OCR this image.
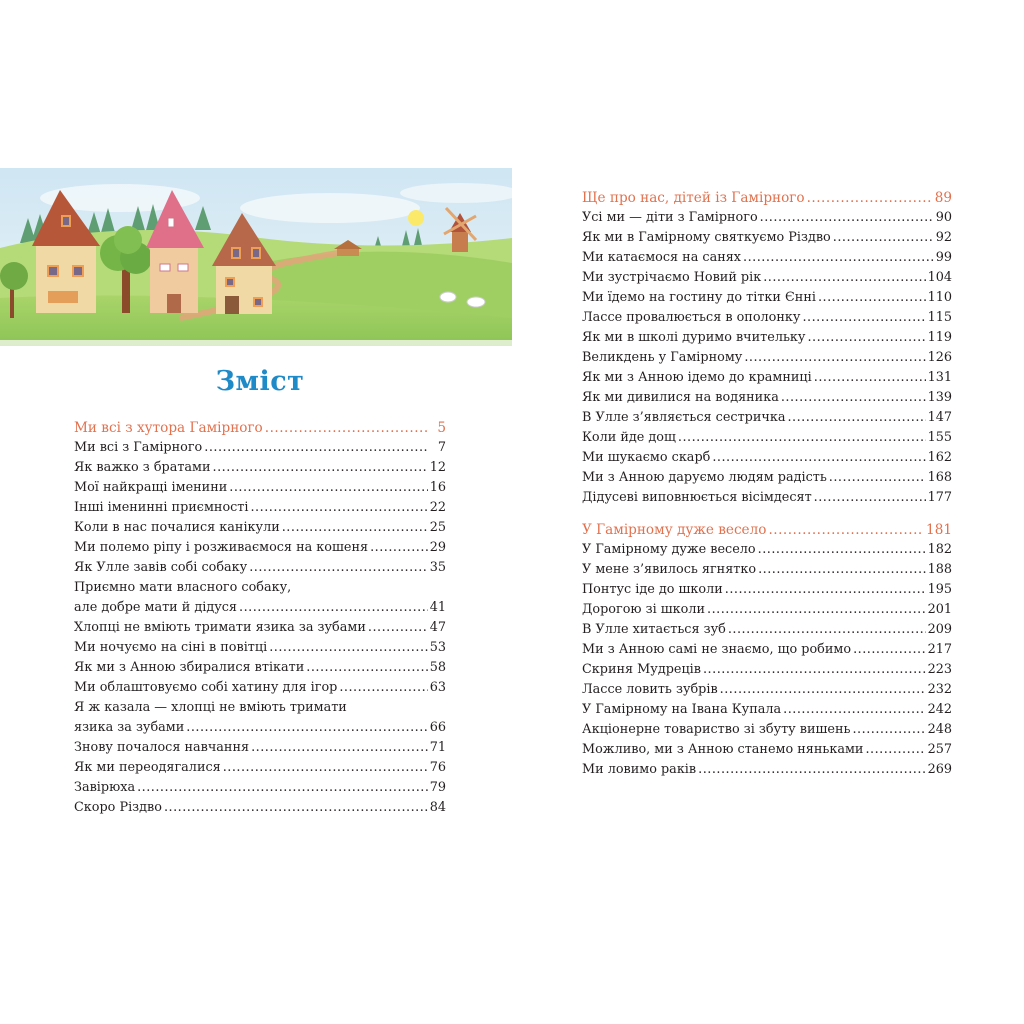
Зміст
Ми всі з хутора Гамірного .....	5
Ми всі з Гамірного .....	7
Як важко з братами .....	12
Мої найкращі іменини .....	16
Інші іменинні приємності .....	22
Коли в нас почалися канікули .....	25
Ми полемо ріпу і розживаємося на кошеня .....	29
Як Улле завів собі собаку .....	35
Приємно мати власного собаку,
але добре мати й дідуся .....	41
Хлопці не вміють тримати язика за зубами .....	47
Ми ночуємо на сіні в повітці .....	53
Як ми з Анною збиралися втікати .....	58
Ми облаштовуємо собі хатину для ігор .....	63
Я ж казала — хлопці не вміють тримати
язика за зубами .....	66
Знову почалося навчання .....	71
Як ми переодягалися .....	76
Завірюха .....	79
Скоро Різдво .....	84
Ще про нас, дітей із Гамірного .....	89
Усі ми — діти з Гамірного .....	90
Як ми в Гамірному святкуємо Різдво .....	92
Ми катаємося на санях .....	99
Ми зустрічаємо Новий рік .....	104
Ми їдемо на гостину до тітки Єнні .....	110
Лассе провалюється в ополонку .....	115
Як ми в школі дуримо вчительку .....	119
Великдень у Гамірному .....	126
Як ми з Анною ідемо до крамниці .....	131
Як ми дивилися на водяника .....	139
В Улле з’являється сестричка .....	147
Коли йде дощ .....	155
Ми шукаємо скарб .....	162
Ми з Анною даруємо людям радість .....	168
Дідусеві виповнюється вісімдесят .....	177
У Гамірному дуже весело .....	181
У Гамірному дуже весело .....	182
У мене з’явилось ягнятко .....	188
Понтус іде до школи .....	195
Дорогою зі школи .....	201
В Улле хитається зуб .....	209
Ми з Анною самі не знаємо, що робимо .....	217
Скриня Мудреців .....	223
Лассе ловить зубрів .....	232
У Гамірному на Івана Купала .....	242
Акціонерне товариство зі збуту вишень .....	248
Можливо, ми з Анною станемо няньками .....	257
Ми ловимо раків .....	269
